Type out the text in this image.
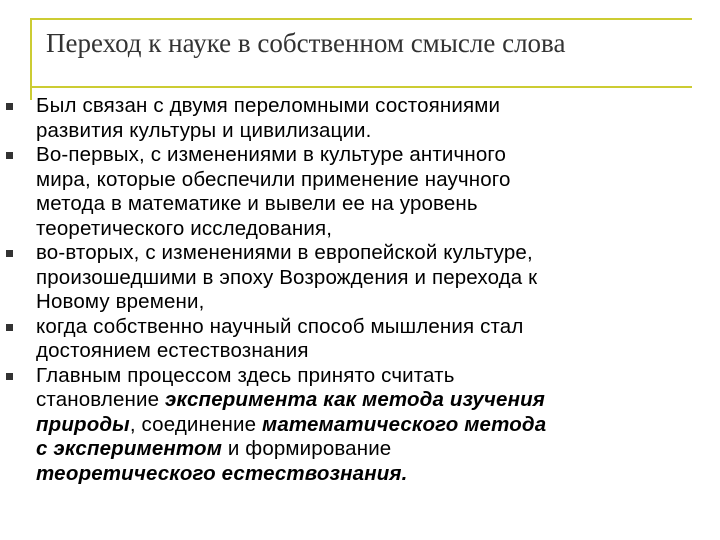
Переход к науке в собственном смысле слова
Был связан с двумя переломными состояниями
развития культуры и цивилизации.
Во-первых, с изменениями в культуре античного
мира, которые обеспечили применение научного
метода в математике и вывели ее на уровень
теоретического исследования,
во-вторых, с изменениями в европейской культуре,
произошедшими в эпоху Возрождения и перехода к
Новому времени,
когда собственно научный способ мышления стал
достоянием естествознания
Главным процессом здесь принято считать
становление эксперимента как метода изучения
природы, соединение математического метода
с экспериментом и формирование
теоретического естествознания.
